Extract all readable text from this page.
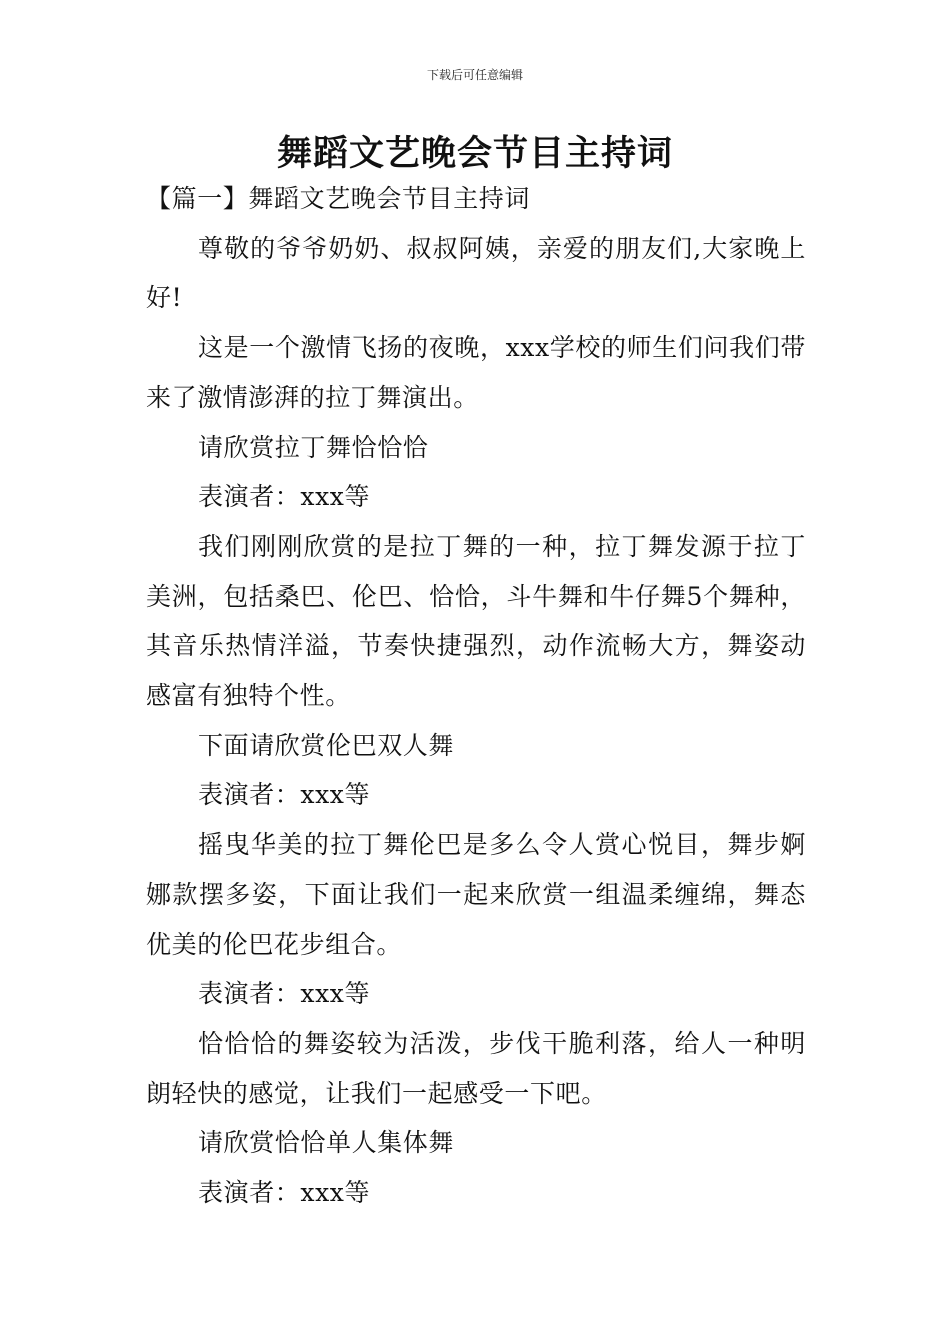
下载后可任意编辑
舞蹈文艺晚会节目主持词

【篇一】舞蹈文艺晚会节目主持词

尊敬的爷爷奶奶、叔叔阿姨，亲爱的朋友们,大家晚上好!

这是一个激情飞扬的夜晚，xxx学校的师生们问我们带来了激情澎湃的拉丁舞演出。

请欣赏拉丁舞恰恰恰

表演者：xxx等

我们刚刚欣赏的是拉丁舞的一种，拉丁舞发源于拉丁美洲，包括桑巴、伦巴、恰恰，斗牛舞和牛仔舞5个舞种，其音乐热情洋溢，节奏快捷强烈，动作流畅大方，舞姿动感富有独特个性。

下面请欣赏伦巴双人舞

表演者：xxx等

摇曳华美的拉丁舞伦巴是多么令人赏心悦目，舞步婀娜款摆多姿，下面让我们一起来欣赏一组温柔缠绵，舞态优美的伦巴花步组合。

表演者：xxx等

恰恰恰的舞姿较为活泼，步伐干脆利落，给人一种明朗轻快的感觉，让我们一起感受一下吧。

请欣赏恰恰单人集体舞

表演者：xxx等
